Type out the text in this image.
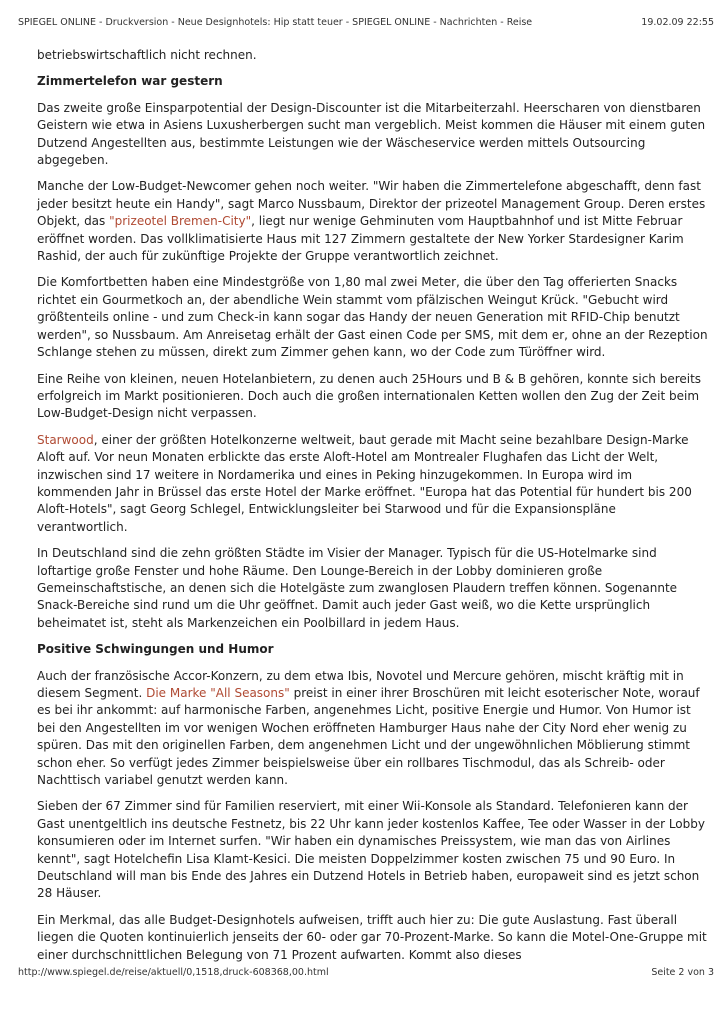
SPIEGEL ONLINE - Druckversion - Neue Designhotels: Hip statt teuer - SPIEGEL ONLINE - Nachrichten - Reise	19.02.09 22:55

betriebswirtschaftlich nicht rechnen.

Zimmertelefon war gestern

Das zweite große Einsparpotential der Design-Discounter ist die Mitarbeiterzahl. Heerscharen von dienstbaren Geistern wie etwa in Asiens Luxusherbergen sucht man vergeblich. Meist kommen die Häuser mit einem guten Dutzend Angestellten aus, bestimmte Leistungen wie der Wäscheservice werden mittels Outsourcing abgegeben.

Manche der Low-Budget-Newcomer gehen noch weiter. "Wir haben die Zimmertelefone abgeschafft, denn fast jeder besitzt heute ein Handy", sagt Marco Nussbaum, Direktor der prizeotel Management Group. Deren erstes Objekt, das "prizeotel Bremen-City", liegt nur wenige Gehminuten vom Hauptbahnhof und ist Mitte Februar eröffnet worden. Das vollklimatisierte Haus mit 127 Zimmern gestaltete der New Yorker Stardesigner Karim Rashid, der auch für zukünftige Projekte der Gruppe verantwortlich zeichnet.

Die Komfortbetten haben eine Mindestgröße von 1,80 mal zwei Meter, die über den Tag offerierten Snacks richtet ein Gourmetkoch an, der abendliche Wein stammt vom pfälzischen Weingut Krück. "Gebucht wird größtenteils online - und zum Check-in kann sogar das Handy der neuen Generation mit RFID-Chip benutzt werden", so Nussbaum. Am Anreisetag erhält der Gast einen Code per SMS, mit dem er, ohne an der Rezeption Schlange stehen zu müssen, direkt zum Zimmer gehen kann, wo der Code zum Türöffner wird.

Eine Reihe von kleinen, neuen Hotelanbietern, zu denen auch 25Hours und B & B gehören, konnte sich bereits erfolgreich im Markt positionieren. Doch auch die großen internationalen Ketten wollen den Zug der Zeit beim Low-Budget-Design nicht verpassen.

Starwood, einer der größten Hotelkonzerne weltweit, baut gerade mit Macht seine bezahlbare Design-Marke Aloft auf. Vor neun Monaten erblickte das erste Aloft-Hotel am Montrealer Flughafen das Licht der Welt, inzwischen sind 17 weitere in Nordamerika und eines in Peking hinzugekommen. In Europa wird im kommenden Jahr in Brüssel das erste Hotel der Marke eröffnet. "Europa hat das Potential für hundert bis 200 Aloft-Hotels", sagt Georg Schlegel, Entwicklungsleiter bei Starwood und für die Expansionspläne verantwortlich.

In Deutschland sind die zehn größten Städte im Visier der Manager. Typisch für die US-Hotelmarke sind loftartige große Fenster und hohe Räume. Den Lounge-Bereich in der Lobby dominieren große Gemeinschaftstische, an denen sich die Hotelgäste zum zwanglosen Plaudern treffen können. Sogenannte Snack-Bereiche sind rund um die Uhr geöffnet. Damit auch jeder Gast weiß, wo die Kette ursprünglich beheimatet ist, steht als Markenzeichen ein Poolbillard in jedem Haus.

Positive Schwingungen und Humor

Auch der französische Accor-Konzern, zu dem etwa Ibis, Novotel und Mercure gehören, mischt kräftig mit in diesem Segment. Die Marke "All Seasons" preist in einer ihrer Broschüren mit leicht esoterischer Note, worauf es bei ihr ankommt: auf harmonische Farben, angenehmes Licht, positive Energie und Humor. Von Humor ist bei den Angestellten im vor wenigen Wochen eröffneten Hamburger Haus nahe der City Nord eher wenig zu spüren. Das mit den originellen Farben, dem angenehmen Licht und der ungewöhnlichen Möblierung stimmt schon eher. So verfügt jedes Zimmer beispielsweise über ein rollbares Tischmodul, das als Schreib- oder Nachttisch variabel genutzt werden kann.

Sieben der 67 Zimmer sind für Familien reserviert, mit einer Wii-Konsole als Standard. Telefonieren kann der Gast unentgeltlich ins deutsche Festnetz, bis 22 Uhr kann jeder kostenlos Kaffee, Tee oder Wasser in der Lobby konsumieren oder im Internet surfen. "Wir haben ein dynamisches Preissystem, wie man das von Airlines kennt", sagt Hotelchefin Lisa Klamt-Kesici. Die meisten Doppelzimmer kosten zwischen 75 und 90 Euro. In Deutschland will man bis Ende des Jahres ein Dutzend Hotels in Betrieb haben, europaweit sind es jetzt schon 28 Häuser.

Ein Merkmal, das alle Budget-Designhotels aufweisen, trifft auch hier zu: Die gute Auslastung. Fast überall liegen die Quoten kontinuierlich jenseits der 60- oder gar 70-Prozent-Marke. So kann die Motel-One-Gruppe mit einer durchschnittlichen Belegung von 71 Prozent aufwarten. Kommt also dieses

http://www.spiegel.de/reise/aktuell/0,1518,druck-608368,00.html	Seite 2 von 3
